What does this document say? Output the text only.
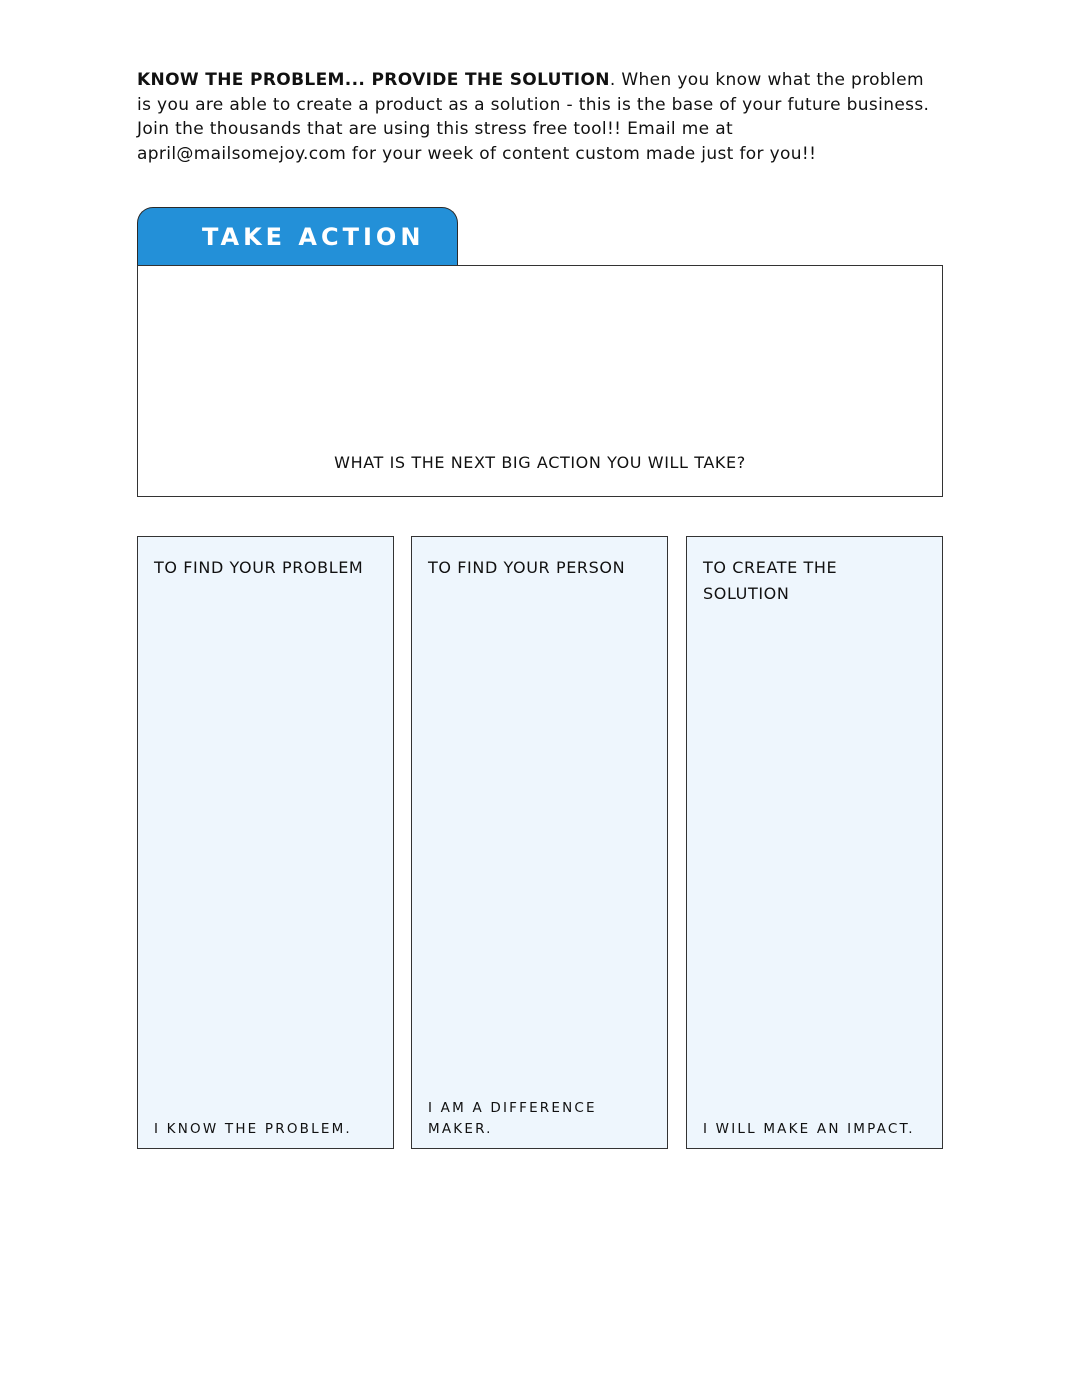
KNOW THE PROBLEM... PROVIDE THE SOLUTION. When you know what the problem is you are able to create a product as a solution - this is the base of your future business. Join the thousands that are using this stress free tool!! Email me at april@mailsomejoy.com for your week of content custom made just for you!!

TAKE ACTION
WHAT IS THE NEXT BIG ACTION YOU WILL TAKE?
TO FIND YOUR PROBLEM
I KNOW THE PROBLEM.
TO FIND YOUR PERSON
I AM A DIFFERENCE MAKER.
TO CREATE THE SOLUTION
I WILL MAKE AN IMPACT.
